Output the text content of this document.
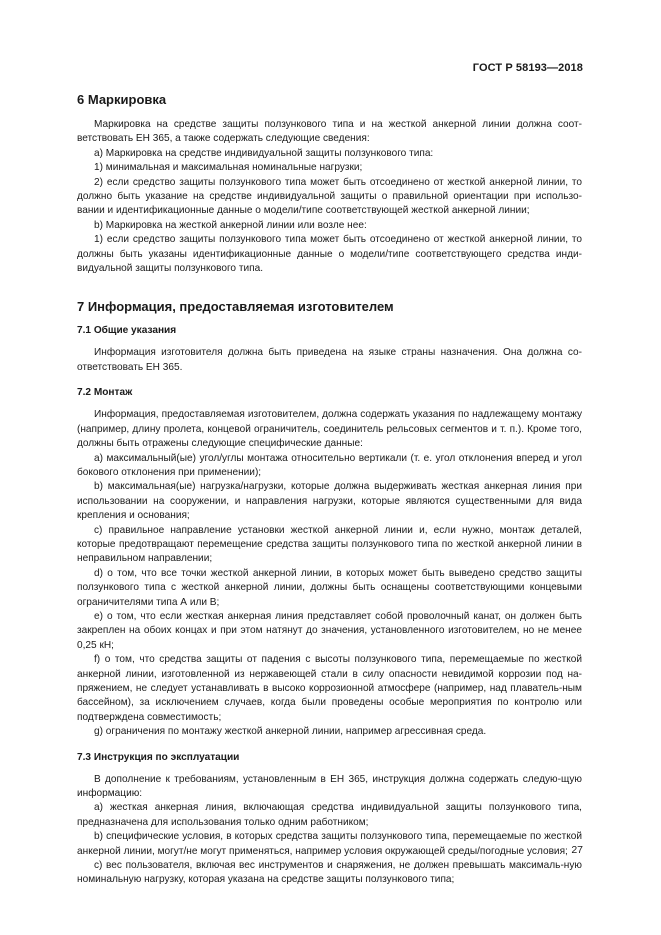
ГОСТ Р 58193—2018
6 Маркировка

Маркировка на средстве защиты ползункового типа и на жесткой анкерной линии должна соот-ветствовать ЕН 365, а также содержать следующие сведения:

а) Маркировка на средстве индивидуальной защиты ползункового типа:

1) минимальная и максимальная номинальные нагрузки;

2) если средство защиты ползункового типа может быть отсоединено от жесткой анкерной линии, то должно быть указание на средстве индивидуальной защиты о правильной ориентации при использо-вании и идентификационные данные о модели/типе соответствующей жесткой анкерной линии;

b) Маркировка на жесткой анкерной линии или возле нее:

1) если средство защиты ползункового типа может быть отсоединено от жесткой анкерной линии, то должны быть указаны идентификационные данные о модели/типе соответствующего средства инди-видуальной защиты ползункового типа.

7 Информация, предоставляемая изготовителем
7.1 Общие указания

Информация изготовителя должна быть приведена на языке страны назначения. Она должна со-ответствовать ЕН 365.

7.2 Монтаж

Информация, предоставляемая изготовителем, должна содержать указания по надлежащему монтажу (например, длину пролета, концевой ограничитель, соединитель рельсовых сегментов и т. п.). Кроме того, должны быть отражены следующие специфические данные:

а) максимальный(ые) угол/углы монтажа относительно вертикали (т. е. угол отклонения вперед и угол бокового отклонения при применении);

b) максимальная(ые) нагрузка/нагрузки, которые должна выдерживать жесткая анкерная линия при использовании на сооружении, и направления нагрузки, которые являются существенными для вида крепления и основания;

с) правильное направление установки жесткой анкерной линии и, если нужно, монтаж деталей, которые предотвращают перемещение средства защиты ползункового типа по жесткой анкерной линии в неправильном направлении;

d) о том, что все точки жесткой анкерной линии, в которых может быть выведено средство защиты ползункового типа с жесткой анкерной линии, должны быть оснащены соответствующими концевыми ограничителями типа А или В;

е) о том, что если жесткая анкерная линия представляет собой проволочный канат, он должен быть закреплен на обоих концах и при этом натянут до значения, установленного изготовителем, но не менее 0,25 кН;

f) о том, что средства защиты от падения с высоты ползункового типа, перемещаемые по жесткой анкерной линии, изготовленной из нержавеющей стали в силу опасности невидимой коррозии под на-пряжением, не следует устанавливать в высоко коррозионной атмосфере (например, над плаватель-ным бассейном), за исключением случаев, когда были проведены особые мероприятия по контролю или подтверждена совместимость;

g) ограничения по монтажу жесткой анкерной линии, например агрессивная среда.

7.3 Инструкция по эксплуатации

В дополнение к требованиям, установленным в ЕН 365, инструкция должна содержать следую-щую информацию:

а) жесткая анкерная линия, включающая средства индивидуальной защиты ползункового типа, предназначена для использования только одним работником;

b) специфические условия, в которых средства защиты ползункового типа, перемещаемые по жесткой анкерной линии, могут/не могут применяться, например условия окружающей среды/погодные условия;

с) вес пользователя, включая вес инструментов и снаряжения, не должен превышать максималь-ную номинальную нагрузку, которая указана на средстве защиты ползункового типа;

27
